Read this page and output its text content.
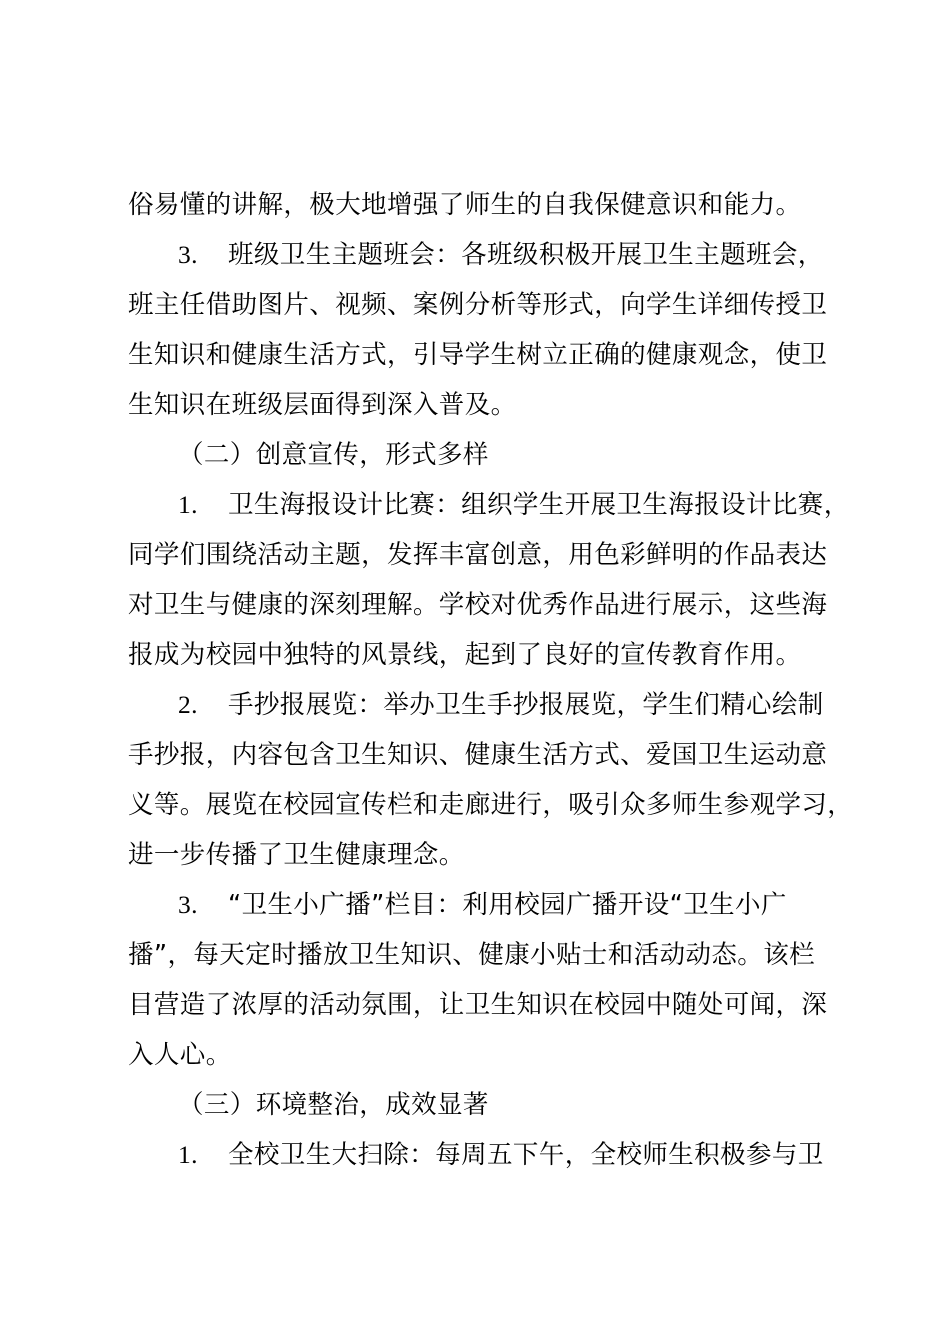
俗易懂的讲解，极大地增强了师生的自我保健意识和能力。
3. 班级卫生主题班会：各班级积极开展卫生主题班会，
班主任借助图片、视频、案例分析等形式，向学生详细传授卫
生知识和健康生活方式，引导学生树立正确的健康观念，使卫
生知识在班级层面得到深入普及。
（二）创意宣传，形式多样
1. 卫生海报设计比赛：组织学生开展卫生海报设计比赛，
同学们围绕活动主题，发挥丰富创意，用色彩鲜明的作品表达
对卫生与健康的深刻理解。学校对优秀作品进行展示，这些海
报成为校园中独特的风景线，起到了良好的宣传教育作用。
2. 手抄报展览：举办卫生手抄报展览，学生们精心绘制
手抄报，内容包含卫生知识、健康生活方式、爱国卫生运动意
义等。展览在校园宣传栏和走廊进行，吸引众多师生参观学习，
进一步传播了卫生健康理念。
3. “卫生小广播”栏目：利用校园广播开设“卫生小广
播”，每天定时播放卫生知识、健康小贴士和活动动态。该栏
目营造了浓厚的活动氛围，让卫生知识在校园中随处可闻，深
入人心。
（三）环境整治，成效显著
1. 全校卫生大扫除：每周五下午，全校师生积极参与卫
